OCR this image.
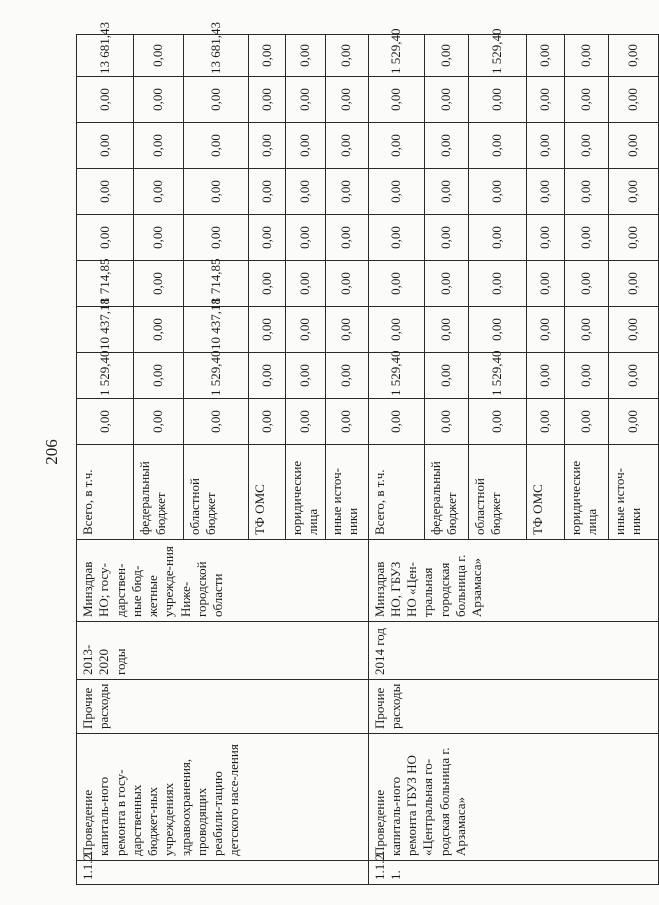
206
1.1.2.	Проведение капиталь-ного ремонта в госу-дарственных бюджет-ных учреждениях здравоохранения, проводящих реабили-тацию детского насе-ления	Прочие расходы	2013-2020 годы	Минздрав НО; госу-дарствен-ные бюд-жетные учрежде-ния Ниже-городской области	Всего, в т.ч.	0,00	1 529,40	10 437,18	1 714,85	0,00	0,00	0,00	0,00	13 681,43
					федеральный бюджет	0,00	0,00	0,00	0,00	0,00	0,00	0,00	0,00	0,00
					областной бюджет	0,00	1 529,40	10 437,18	1 714,85	0,00	0,00	0,00	0,00	13 681,43
					ТФ ОМС	0,00	0,00	0,00	0,00	0,00	0,00	0,00	0,00	0,00
					юридические лица	0,00	0,00	0,00	0,00	0,00	0,00	0,00	0,00	0,00
					иные источ-ники	0,00	0,00	0,00	0,00	0,00	0,00	0,00	0,00	0,00
1.1.2. 1.	Проведение капиталь-ного ремонта ГБУЗ НО «Центральная го-родская больница г. Арзамаса»	Прочие расходы	2014 год	Минздрав НО, ГБУЗ НО «Цен-тральная городская больница г. Арзамаса»	Всего, в т.ч.	0,00	1 529,40	0,00	0,00	0,00	0,00	0,00	0,00	1 529,40
					федеральный бюджет	0,00	0,00	0,00	0,00	0,00	0,00	0,00	0,00	0,00
					областной бюджет	0,00	1 529,40	0,00	0,00	0,00	0,00	0,00	0,00	1 529,40
					ТФ ОМС	0,00	0,00	0,00	0,00	0,00	0,00	0,00	0,00	0,00
					юридические лица	0,00	0,00	0,00	0,00	0,00	0,00	0,00	0,00	0,00
					иные источ-ники	0,00	0,00	0,00	0,00	0,00	0,00	0,00	0,00	0,00
